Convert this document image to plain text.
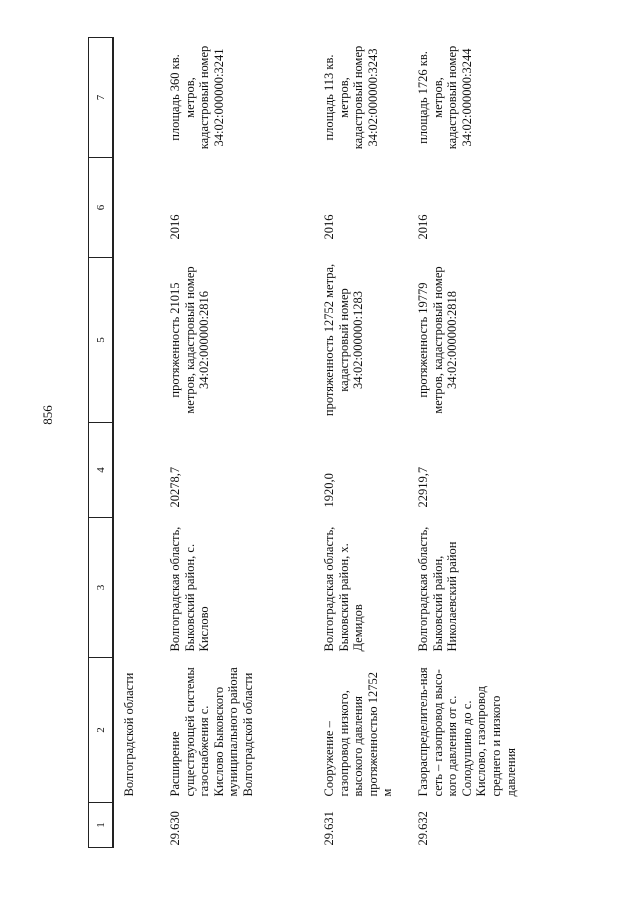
856
1	2	3	4	5	6	7
	Волгоградской области					
29.630	Расширение существующей системы газоснабжения с. Кислово Быковского муниципального района Волгоградской области	Волгоградская область, Быковский район, с. Кислово	20278,7	протяженность 21015 метров, кадастровый номер 34:02:000000:2816	2016	площадь 360 кв. метров, кадастровый номер 34:02:000000:3241
29.631	Сооружение – газопровод низкого, высокого давления протяженностью 12752 м	Волгоградская область, Быковский район, х. Демидов	1920,0	протяженность 12752 метра, кадастровый номер 34:02:000000:1283	2016	площадь 113 кв. метров, кадастровый номер 34:02:000000:3243
29.632	Газораспределитель-ная сеть – газопровод высо-кого давления от с. Солодушино до с. Кислово, газопровод среднего и низкого давления	Волгоградская область, Быковский район, Николаевский район	22919,7	протяженность 19779 метров, кадастровый номер 34:02:000000:2818	2016	площадь 1726 кв. метров, кадастровый номер 34:02:000000:3244
